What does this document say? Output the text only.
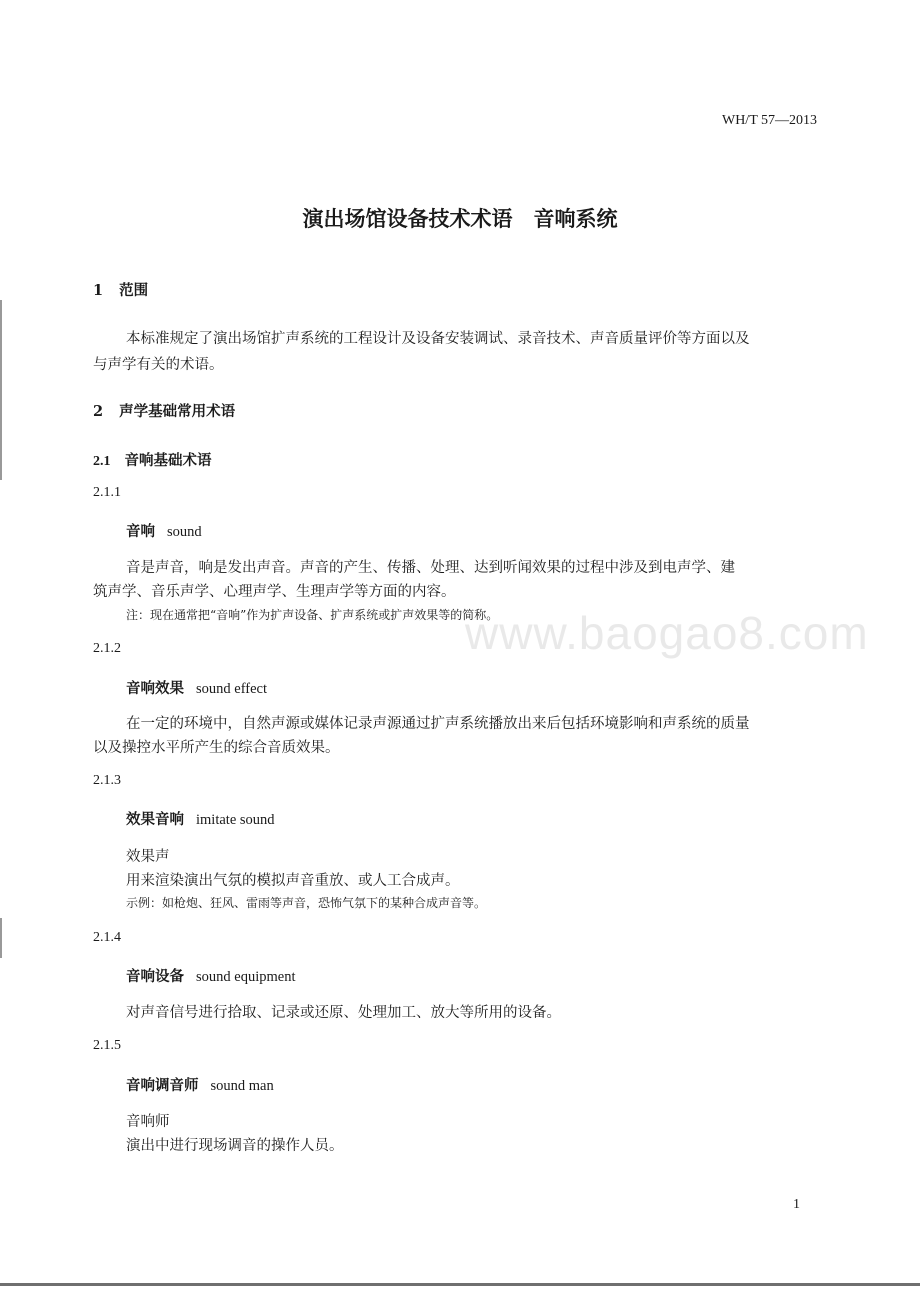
www.baogao8.com
WH/T 57—2013
演出场馆设备技术术语　音响系统
1 范围
本标准规定了演出场馆扩声系统的工程设计及设备安装调试、录音技术、声音质量评价等方面以及
与声学有关的术语。
2 声学基础常用术语
2.1 音响基础术语
2.1.1
音响 sound
音是声音，响是发出声音。声音的产生、传播、处理、达到听闻效果的过程中涉及到电声学、建
筑声学、音乐声学、心理声学、生理声学等方面的内容。
注：现在通常把“音响”作为扩声设备、扩声系统或扩声效果等的简称。
2.1.2
音响效果 sound effect
在一定的环境中，自然声源或媒体记录声源通过扩声系统播放出来后包括环境影响和声系统的质量
以及操控水平所产生的综合音质效果。
2.1.3
效果音响 imitate sound
效果声
用来渲染演出气氛的模拟声音重放、或人工合成声。
示例：如枪炮、狂风、雷雨等声音，恐怖气氛下的某种合成声音等。
2.1.4
音响设备 sound equipment
对声音信号进行拾取、记录或还原、处理加工、放大等所用的设备。
2.1.5
音响调音师 sound man
音响师
演出中进行现场调音的操作人员。
1
